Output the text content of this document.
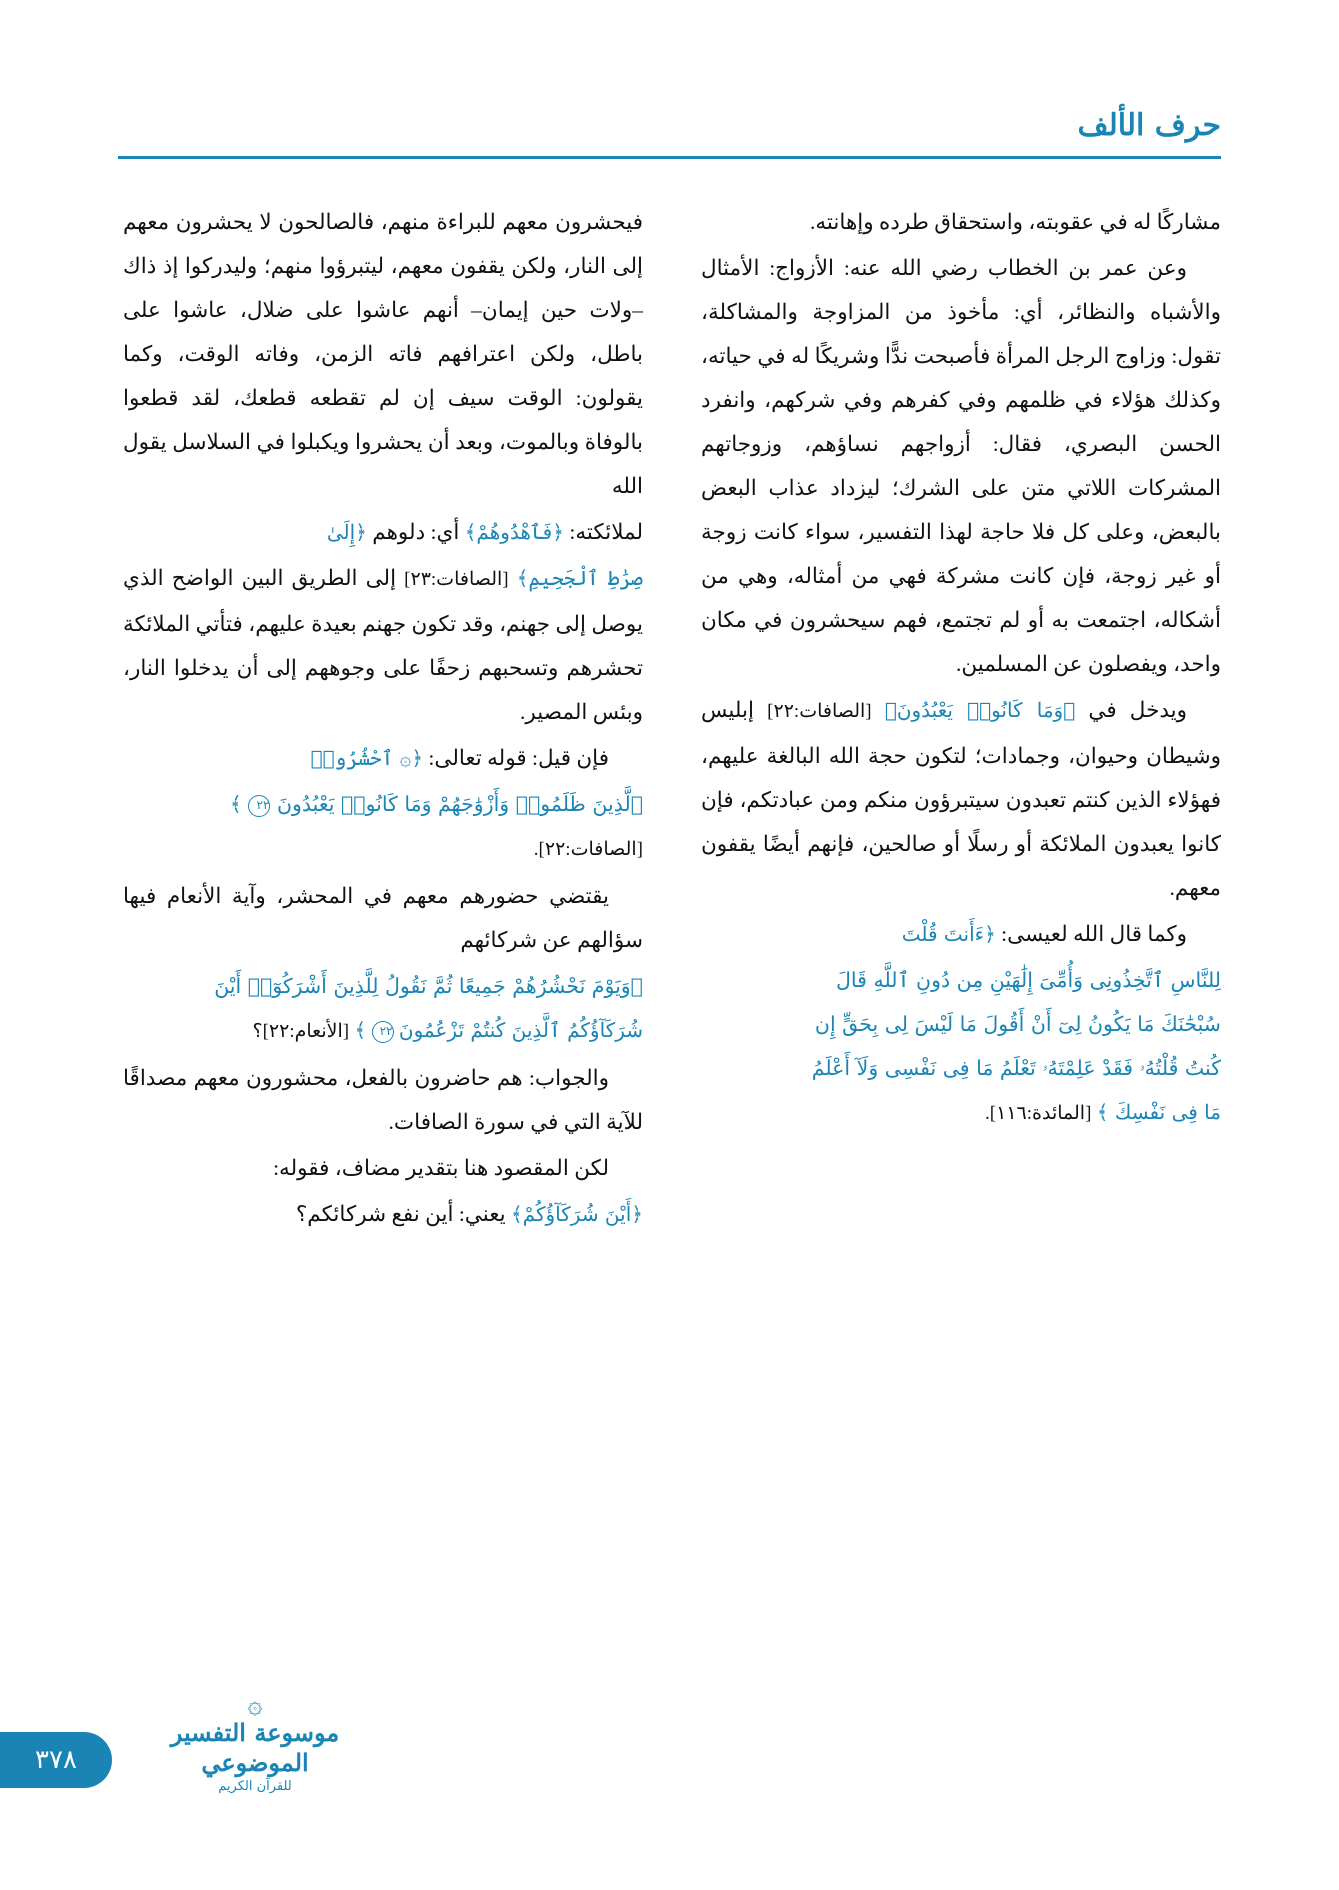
حرف الألف

مشاركًا له في عقوبته، واستحقاق طرده وإهانته.

وعن عمر بن الخطاب رضي الله عنه: الأزواج: الأمثال والأشباه والنظائر، أي: مأخوذ من المزاوجة والمشاكلة، تقول: وزاوج الرجل المرأة فأصبحت ندًّا وشريكًا له في حياته، وكذلك هؤلاء في ظلمهم وفي كفرهم وفي شركهم، وانفرد الحسن البصري، فقال: أزواجهم نساؤهم، وزوجاتهم المشركات اللاتي متن على الشرك؛ ليزداد عذاب البعض بالبعض، وعلى كل فلا حاجة لهذا التفسير، سواء كانت زوجة أو غير زوجة، فإن كانت مشركة فهي من أمثاله، وهي من أشكاله، اجتمعت به أو لم تجتمع، فهم سيحشرون في مكان واحد، ويفصلون عن المسلمين.

ويدخل في ﴿وَمَا كَانُوا۟ يَعْبُدُونَ﴾ [الصافات:٢٢] إبليس وشيطان وحيوان، وجمادات؛ لتكون حجة الله البالغة عليهم، فهؤلاء الذين كنتم تعبدون سيتبرؤون منكم ومن عبادتكم، فإن كانوا يعبدون الملائكة أو رسلًا أو صالحين، فإنهم أيضًا يقفون معهم.

وكما قال الله لعيسى: ﴿ءَأَنتَ قُلْتَ

لِلنَّاسِ ٱتَّخِذُونِى وَأُمِّىَ إِلَٰهَيْنِ مِن دُونِ ٱللَّهِ قَالَ

سُبْحَٰنَكَ مَا يَكُونُ لِىٓ أَنْ أَقُولَ مَا لَيْسَ لِى بِحَقٍّ إِن

كُنتُ قُلْتُهُۥ فَقَدْ عَلِمْتَهُۥ تَعْلَمُ مَا فِى نَفْسِى وَلَآ أَعْلَمُ

مَا فِى نَفْسِكَ ﴾ [المائدة:١١٦].

فيحشرون معهم للبراءة منهم، فالصالحون لا يحشرون معهم إلى النار، ولكن يقفون معهم، ليتبرؤوا منهم؛ وليدركوا إذ ذاك –ولات حين إيمان– أنهم عاشوا على ضلال، عاشوا على باطل، ولكن اعترافهم فاته الزمن، وفاته الوقت، وكما يقولون: الوقت سيف إن لم تقطعه قطعك، لقد قطعوا بالوفاة وبالموت، وبعد أن يحشروا ويكبلوا في السلاسل يقول الله

لملائكته: ﴿فَٱهْدُوهُمْ﴾ أي: دلوهم ﴿إِلَىٰ

صِرَٰطِ ٱلْجَحِيمِ﴾ [الصافات:٢٣] إلى الطريق البين الواضح الذي يوصل إلى جهنم، وقد تكون جهنم بعيدة عليهم، فتأتي الملائكة تحشرهم وتسحبهم زحفًا على وجوههم إلى أن يدخلوا النار، وبئس المصير.

فإن قيل: قوله تعالى: ﴿۞ ٱحْشُرُوا۟

ٱلَّذِينَ ظَلَمُوا۟ وَأَزْوَٰجَهُمْ وَمَا كَانُوا۟ يَعْبُدُونَ ٢٢ ﴾

[الصافات:٢٢].

يقتضي حضورهم معهم في المحشر، وآية الأنعام فيها سؤالهم عن شركائهم

﴿وَيَوْمَ نَحْشُرُهُمْ جَمِيعًا ثُمَّ نَقُولُ لِلَّذِينَ أَشْرَكُوٓا۟ أَيْنَ

شُرَكَآؤُكُمُ ٱلَّذِينَ كُنتُمْ تَزْعُمُونَ ٢٢ ﴾ [الأنعام:٢٢]؟

والجواب: هم حاضرون بالفعل، محشورون معهم مصداقًا للآية التي في سورة الصافات.

لكن المقصود هنا بتقدير مضاف، فقوله:

﴿أَيْنَ شُرَكَآؤُكُمْ﴾ يعني: أين نفع شركائكم؟

٣٧٨
۞
موسوعة التفسير الموضوعي
للقرآن الكريم
